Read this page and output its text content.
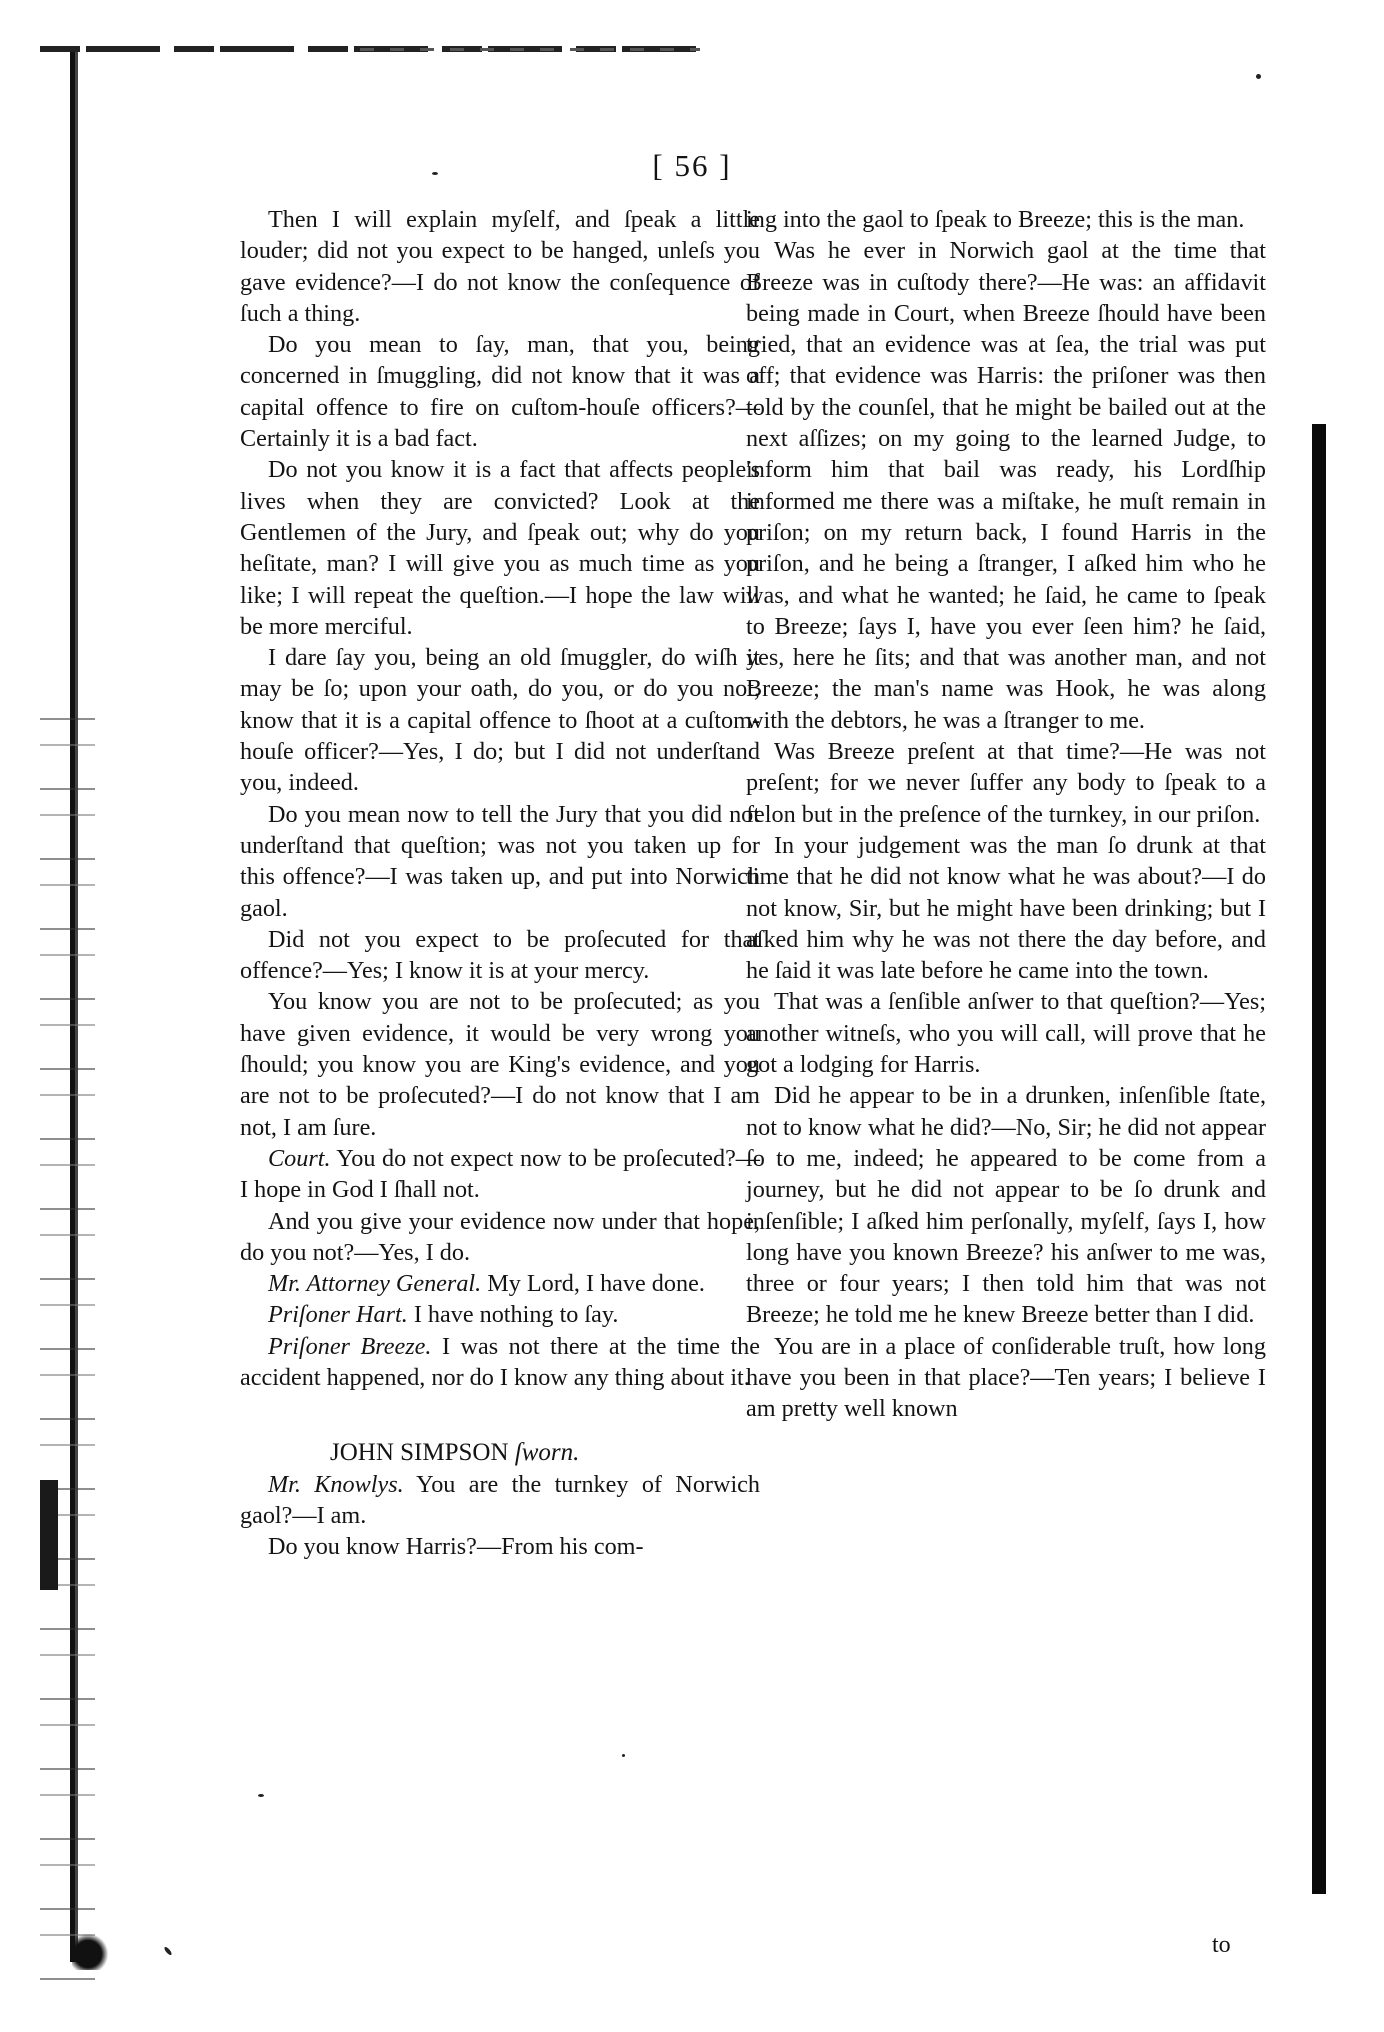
[ 56 ]

Then I will explain myſelf, and ſpeak a little louder; did not you expect to be hanged, unleſs you gave evidence?—I do not know the conſequence of ſuch a thing.

Do you mean to ſay, man, that you, being concerned in ſmuggling, did not know that it was a capital offence to fire on cuſtom-houſe officers?—Certainly it is a bad fact.

Do not you know it is a fact that affects people's lives when they are convicted? Look at the Gentlemen of the Jury, and ſpeak out; why do you heſitate, man? I will give you as much time as you like; I will repeat the queſtion.—I hope the law will be more merciful.

I dare ſay you, being an old ſmuggler, do wiſh it may be ſo; upon your oath, do you, or do you not, know that it is a capital offence to ſhoot at a cuſtom-houſe officer?—Yes, I do; but I did not underſtand you, indeed.

Do you mean now to tell the Jury that you did not underſtand that queſtion; was not you taken up for this offence?—I was taken up, and put into Norwich gaol.

Did not you expect to be proſecuted for that offence?—Yes; I know it is at your mercy.

You know you are not to be proſecuted; as you have given evidence, it would be very wrong you ſhould; you know you are King's evidence, and you are not to be proſecuted?—I do not know that I am not, I am ſure.

Court. You do not expect now to be proſecuted?—I hope in God I ſhall not.

And you give your evidence now under that hope, do you not?—Yes, I do.

Mr. Attorney General. My Lord, I have done.

Priſoner Hart. I have nothing to ſay.

Priſoner Breeze. I was not there at the time the accident happened, nor do I know any thing about it.

JOHN SIMPSON ſworn.

Mr. Knowlys. You are the turnkey of Norwich gaol?—I am.

Do you know Harris?—From his com-

ing into the gaol to ſpeak to Breeze; this is the man.

Was he ever in Norwich gaol at the time that Breeze was in cuſtody there?—He was: an affidavit being made in Court, when Breeze ſhould have been tried, that an evidence was at ſea, the trial was put off; that evidence was Harris: the priſoner was then told by the counſel, that he might be bailed out at the next aſſizes; on my going to the learned Judge, to inform him that bail was ready, his Lordſhip informed me there was a miſtake, he muſt remain in priſon; on my return back, I found Harris in the priſon, and he being a ſtranger, I aſked him who he was, and what he wanted; he ſaid, he came to ſpeak to Breeze; ſays I, have you ever ſeen him? he ſaid, yes, here he ſits; and that was another man, and not Breeze; the man's name was Hook, he was along with the debtors, he was a ſtranger to me.

Was Breeze preſent at that time?—He was not preſent; for we never ſuffer any body to ſpeak to a felon but in the preſence of the turnkey, in our priſon.

In your judgement was the man ſo drunk at that time that he did not know what he was about?—I do not know, Sir, but he might have been drinking; but I aſked him why he was not there the day before, and he ſaid it was late before he came into the town.

That was a ſenſible anſwer to that queſtion?—Yes; another witneſs, who you will call, will prove that he got a lodging for Harris.

Did he appear to be in a drunken, inſenſible ſtate, not to know what he did?—No, Sir; he did not appear ſo to me, indeed; he appeared to be come from a journey, but he did not appear to be ſo drunk and inſenſible; I aſked him perſonally, myſelf, ſays I, how long have you known Breeze? his anſwer to me was, three or four years; I then told him that was not Breeze; he told me he knew Breeze better than I did.

You are in a place of conſiderable truſt, how long have you been in that place?—Ten years; I believe I am pretty well known

to
